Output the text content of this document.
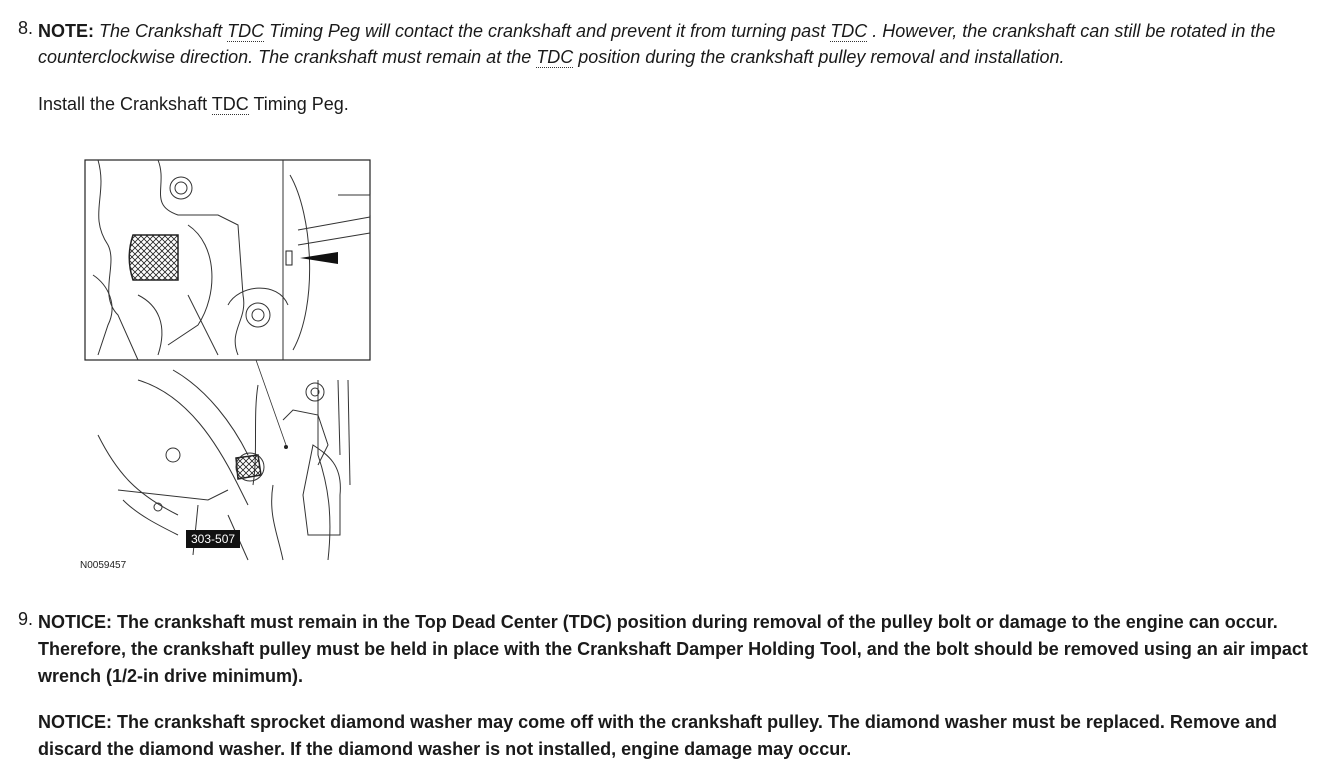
8. NOTE: The Crankshaft TDC Timing Peg will contact the crankshaft and prevent it from turning past TDC . However, the crankshaft can still be rotated in the counterclockwise direction. The crankshaft must remain at the TDC position during the crankshaft pulley removal and installation.
Install the Crankshaft TDC Timing Peg.
303-507
N0059457
9. NOTICE: The crankshaft must remain in the Top Dead Center (TDC) position during removal of the pulley bolt or damage to the engine can occur. Therefore, the crankshaft pulley must be held in place with the Crankshaft Damper Holding Tool, and the bolt should be removed using an air impact wrench (1/2-in drive minimum).
NOTICE: The crankshaft sprocket diamond washer may come off with the crankshaft pulley. The diamond washer must be replaced. Remove and discard the diamond washer. If the diamond washer is not installed, engine damage may occur.
